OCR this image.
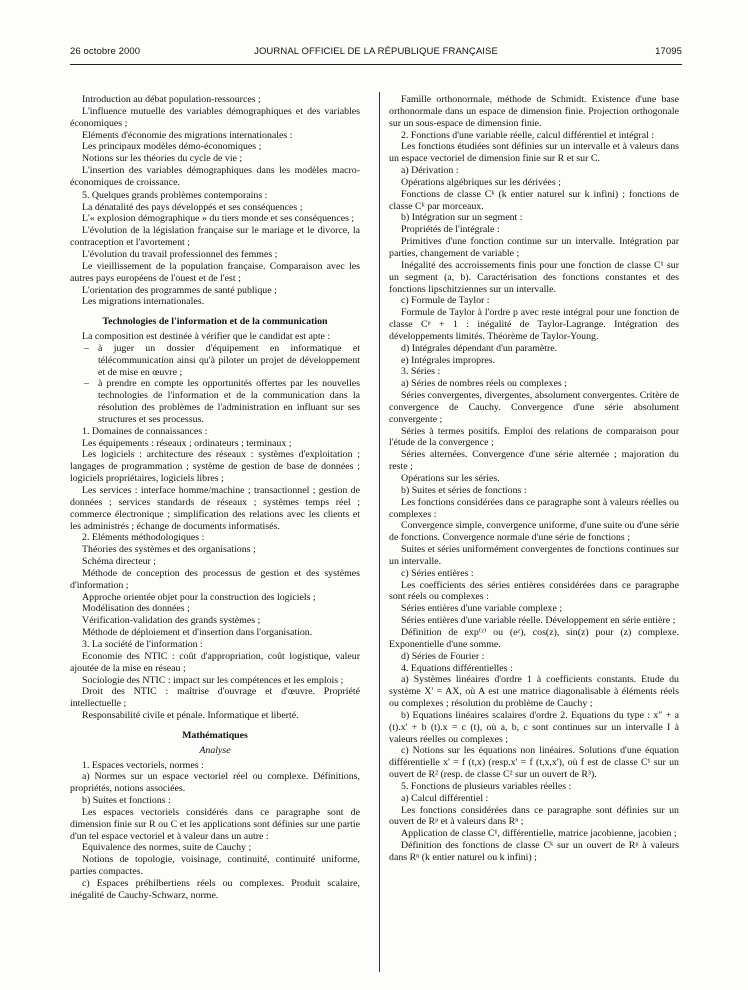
26 octobre 2000	JOURNAL OFFICIEL DE LA RÉPUBLIQUE FRANÇAISE	17095

Introduction au débat population-ressources ;

L'influence mutuelle des variables démographiques et des variables économiques ;

Eléments d'économie des migrations internationales :

Les principaux modèles démo-économiques ;

Notions sur les théories du cycle de vie ;

L'insertion des variables démographiques dans les modèles macro-économiques de croissance.

5. Quelques grands problèmes contemporains :

La dénatalité des pays développés et ses conséquences ;

L'« explosion démographique » du tiers monde et ses conséquences ;

L'évolution de la législation française sur le mariage et le divorce, la contraception et l'avortement ;

L'évolution du travail professionnel des femmes ;

Le vieillissement de la population française. Comparaison avec les autres pays européens de l'ouest et de l'est ;

L'orientation des programmes de santé publique ;

Les migrations internationales.

Technologies de l'information et de la communication

La composition est destinée à vérifier que le candidat est apte :

– à juger un dossier d'équipement en informatique et télécommunication ainsi qu'à piloter un projet de développement et de mise en œuvre ;
– à prendre en compte les opportunités offertes par les nouvelles technologies de l'information et de la communication dans la résolution des problèmes de l'administration en influant sur ses structures et ses processus.

1. Domaines de connaissances :

Les équipements : réseaux ; ordinateurs ; terminaux ;

Les logiciels : architecture des réseaux : systèmes d'exploitation ; langages de programmation ; système de gestion de base de données ; logiciels propriétaires, logiciels libres ;

Les services : interface homme/machine ; transactionnel ; gestion de données ; services standards de réseaux ; systèmes temps réel ; commerce électronique ; simplification des relations avec les clients et les administrés ; échange de documents informatisés.

2. Eléments méthodologiques :

Théories des systèmes et des organisations ;

Schéma directeur ;

Méthode de conception des processus de gestion et des systèmes d'information ;

Approche orientée objet pour la construction des logiciels ;

Modélisation des données ;

Vérification-validation des grands systèmes ;

Méthode de déploiement et d'insertion dans l'organisation.

3. La société de l'information :

Economie des NTIC : coût d'appropriation, coût logistique, valeur ajoutée de la mise en réseau ;

Sociologie des NTIC : impact sur les compétences et les emplois ;

Droit des NTIC : maîtrise d'ouvrage et d'œuvre. Propriété intellectuelle ;

Responsabilité civile et pénale. Informatique et liberté.

Mathématiques

Analyse

1. Espaces vectoriels, normes :

a) Normes sur un espace vectoriel réel ou complexe. Définitions, propriétés, notions associées.

b) Suites et fonctions :

Les espaces vectoriels considérés dans ce paragraphe sont de dimension finie sur R ou C et les applications sont définies sur une partie d'un tel espace vectoriel et à valeur dans un autre :

Equivalence des normes, suite de Cauchy ;

Notions de topologie, voisinage, continuité, continuité uniforme, parties compactes.

c) Espaces préhilbertiens réels ou complexes. Produit scalaire, inégalité de Cauchy-Schwarz, norme.

Famille orthonormale, méthode de Schmidt. Existence d'une base orthonormale dans un espace de dimension finie. Projection orthogonale sur un sous-espace de dimension finie.

2. Fonctions d'une variable réelle, calcul différentiel et intégral :

Les fonctions étudiées sont définies sur un intervalle et à valeurs dans un espace vectoriel de dimension finie sur R et sur C.

a) Dérivation :

Opérations algébriques sur les dérivées ;

Fonctions de classe Cᵏ (k entier naturel sur k infini) ; fonctions de classe Cᵏ par morceaux.

b) Intégration sur un segment :

Propriétés de l'intégrale :

Primitives d'une fonction continue sur un intervalle. Intégration par parties, changement de variable ;

Inégalité des accroissements finis pour une fonction de classe C¹ sur un segment (a, b). Caractérisation des fonctions constantes et des fonctions lipschitziennes sur un intervalle.

c) Formule de Taylor :

Formule de Taylor à l'ordre p avec reste intégral pour une fonction de classe Cᵖ + 1 : inégalité de Taylor-Lagrange. Intégration des développements limités. Théorème de Taylor-Young.

d) Intégrales dépendant d'un paramètre.

e) Intégrales impropres.

3. Séries :

a) Séries de nombres réels ou complexes ;

Séries convergentes, divergentes, absolument convergentes. Critère de convergence de Cauchy. Convergence d'une série absolument convergente ;

Séries à termes positifs. Emploi des relations de comparaison pour l'étude de la convergence ;

Séries alternées. Convergence d'une série alternée ; majoration du reste ;

Opérations sur les séries.

b) Suites et séries de fonctions :

Les fonctions considérées dans ce paragraphe sont à valeurs réelles ou complexes :

Convergence simple, convergence uniforme, d'une suite ou d'une série de fonctions. Convergence normale d'une série de fonctions ;

Suites et séries uniformément convergentes de fonctions continues sur un intervalle.

c) Séries entières :

Les coefficients des séries entières considérées dans ce paragraphe sont réels ou complexes :

Séries entières d'une variable complexe ;

Séries entières d'une variable réelle. Développement en série entière ;

Définition de exp⁽ᶻ⁾ ou (eᶻ), cos(z), sin(z) pour (z) complexe. Exponentielle d'une somme.

d) Séries de Fourier :

4. Equations différentielles :

a) Systèmes linéaires d'ordre 1 à coefficients constants. Etude du système X' = AX, où A est une matrice diagonalisable à éléments réels ou complexes ; résolution du problème de Cauchy ;

b) Equations linéaires scalaires d'ordre 2. Equations du type : x″ + a (t).x' + b (t).x = c (t), où a, b, c sont continues sur un intervalle I à valeurs réelles ou complexes ;

c) Notions sur les équations non linéaires. Solutions d'une équation différentielle x' = f (t,x) (resp.x' = f (t,x,x'), où f est de classe C¹ sur un ouvert de R² (resp. de classe C² sur un ouvert de R³).

5. Fonctions de plusieurs variables réelles :

a) Calcul différentiel :

Les fonctions considérées dans ce paragraphe sont définies sur un ouvert de Rᵖ et à valeurs dans Rⁿ ;

Application de classe C¹, différentielle, matrice jacobienne, jacobien ;

Définition des fonctions de classe Cᵏ sur un ouvert de Rᵖ à valeurs dans Rⁿ (k entier naturel ou k infini) ;
